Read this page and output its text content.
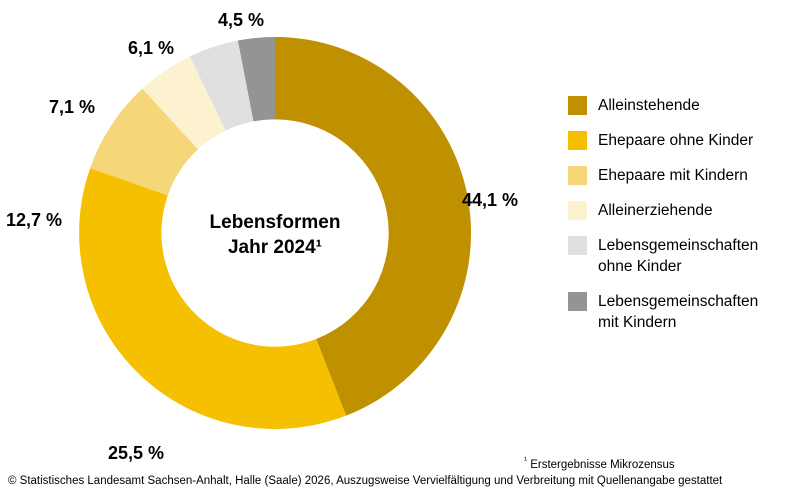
Lebensformen
Jahr 2024¹
44,1 %
25,5 %
12,7 %
7,1 %
6,1 %
4,5 %
Alleinstehende
Ehepaare ohne Kinder
Ehepaare mit Kindern
Alleinerziehende
Lebensgemeinschaften
ohne Kinder
Lebensgemeinschaften
mit Kindern
$^{^1}$ Erstergebnisse Mikrozensus
© Statistisches Landesamt Sachsen-Anhalt, Halle (Saale) 2026, Auszugsweise Vervielfältigung und Verbreitung mit Quellenangabe gestattet
